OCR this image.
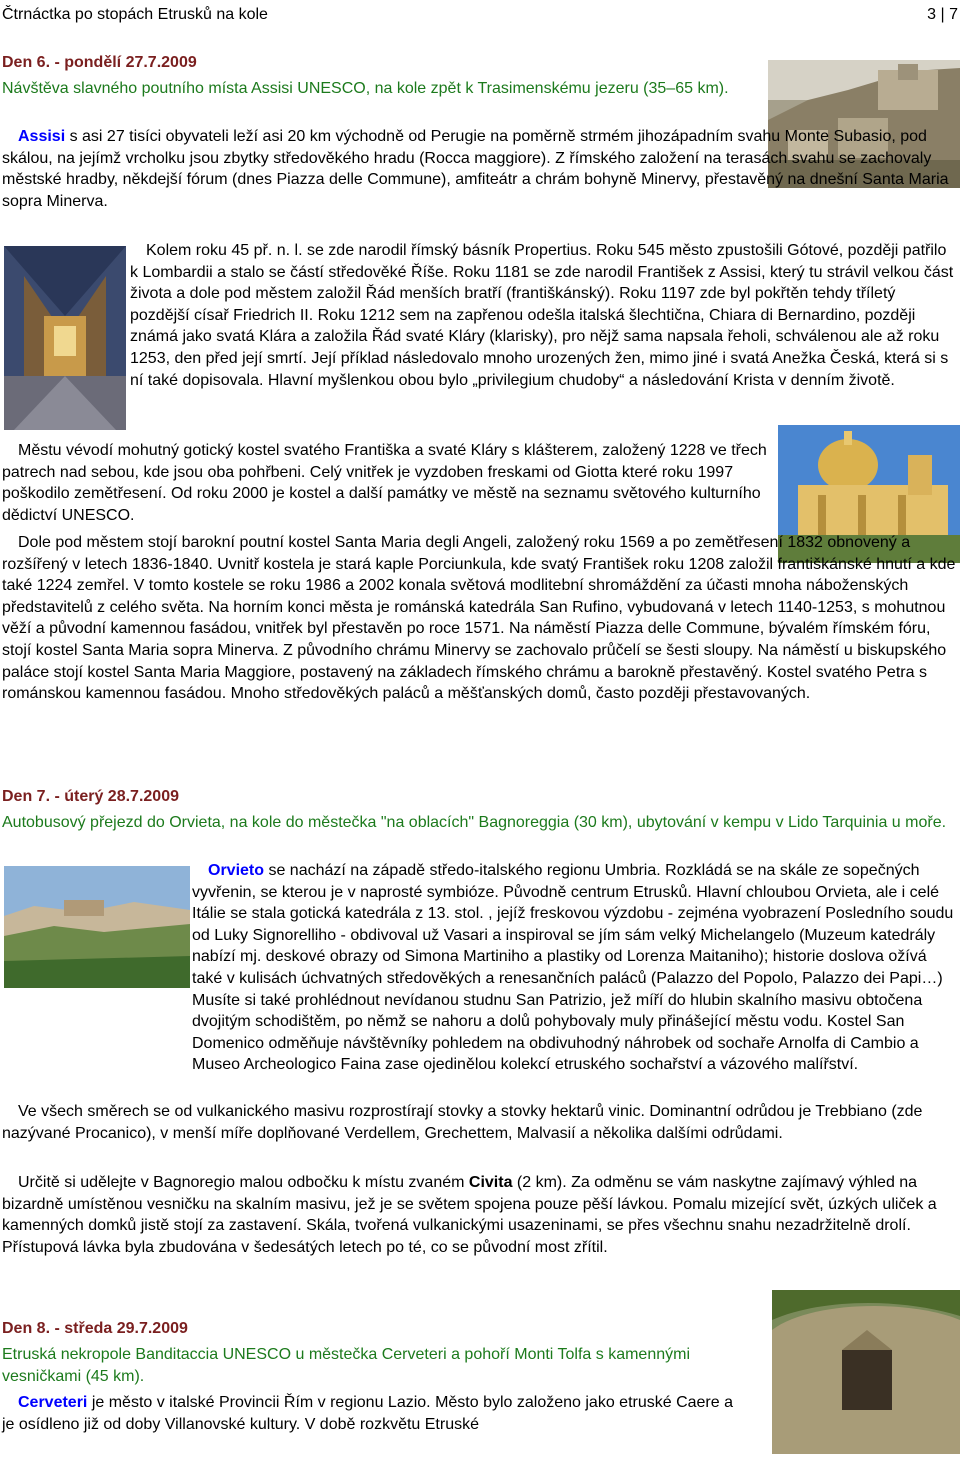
Čtrnáctka po stopách Etrusků na kole	3 | 7
Den 6. - pondělí 27.7.2009

Návštěva slavného poutního místa Assisi UNESCO, na kole zpět k Trasimenskému jezeru (35–65 km).

Assisi s asi 27 tisíci obyvateli leží asi 20 km východně od Perugie na poměrně strmém jihozápadním svahu Monte Subasio, pod skálou, na jejímž vrcholku jsou zbytky středověkého hradu (Rocca maggiore). Z římského založení na terasách svahu se zachovaly městské hradby, někdejší fórum (dnes Piazza delle Commune), amfiteátr a chrám bohyně Minervy, přestavěný na dnešní Santa Maria sopra Minerva.

Kolem roku 45 př. n. l. se zde narodil římský básník Propertius. Roku 545 město zpustošili Gótové, později patřilo k Lombardii a stalo se částí středověké Říše. Roku 1181 se zde narodil František z Assisi, který tu strávil velkou část života a dole pod městem založil Řád menších bratří (františkánský). Roku 1197 zde byl pokřtěn tehdy tříletý pozdější císař Friedrich II. Roku 1212 sem na zapřenou odešla italská šlechtična, Chiara di Bernardino, později známá jako svatá Klára a založila Řád svaté Kláry (klarisky), pro nějž sama napsala řeholi, schválenou ale až roku 1253, den před její smrtí. Její příklad následovalo mnoho urozených žen, mimo jiné i svatá Anežka Česká, která si s ní také dopisovala. Hlavní myšlenkou obou bylo „privilegium chudoby“ a následování Krista v denním životě.

Městu vévodí mohutný gotický kostel svatého Františka a svaté Kláry s klášterem, založený 1228 ve třech patrech nad sebou, kde jsou oba pohřbeni. Celý vnitřek je vyzdoben freskami od Giotta které roku 1997 poškodilo zemětřesení. Od roku 2000 je kostel a další památky ve městě na seznamu světového kulturního dědictví UNESCO.

Dole pod městem stojí barokní poutní kostel Santa Maria degli Angeli, založený roku 1569 a po zemětřesení 1832 obnovený a rozšířený v letech 1836-1840. Uvnitř kostela je stará kaple Porciunkula, kde svatý František roku 1208 založil františkánské hnutí a kde také 1224 zemřel. V tomto kostele se roku 1986 a 2002 konala světová modlitební shromáždění za účasti mnoha náboženských představitelů z celého světa. Na horním konci města je románská katedrála San Rufino, vybudovaná v letech 1140-1253, s mohutnou věží a původní kamennou fasádou, vnitřek byl přestavěn po roce 1571. Na náměstí Piazza delle Commune, bývalém římském fóru, stojí kostel Santa Maria sopra Minerva. Z původního chrámu Minervy se zachovalo průčelí se šesti sloupy. Na náměstí u biskupského paláce stojí kostel Santa Maria Maggiore, postavený na základech římského chrámu a barokně přestavěný. Kostel svatého Petra s románskou kamennou fasádou. Mnoho středověkých paláců a měšťanských domů, často později přestavovaných.

Den 7. - úterý 28.7.2009

Autobusový přejezd do Orvieta, na kole do městečka "na oblacích" Bagnoreggia (30 km), ubytování v kempu v Lido Tarquinia u moře.

Orvieto se nachází na západě středo-italského regionu Umbria. Rozkládá se na skále ze sopečných vyvřenin, se kterou je v naprosté symbióze. Původně centrum Etrusků. Hlavní chloubou Orvieta, ale i celé Itálie se stala gotická katedrála z 13. stol. , jejíž freskovou výzdobu - zejména vyobrazení Posledního soudu od Luky Signorelliho - obdivoval už Vasari a inspiroval se jím sám velký Michelangelo (Muzeum katedrály nabízí mj. deskové obrazy od Simona Martiniho a plastiky od Lorenza Maitaniho); historie doslova ožívá také v kulisách úchvatných středověkých a renesančních paláců (Palazzo del Popolo, Palazzo dei Papi…) Musíte si také prohlédnout nevídanou studnu San Patrizio, jež míří do hlubin skalního masivu obtočena dvojitým schodištěm, po němž se nahoru a dolů pohybovaly muly přinášející městu vodu. Kostel San Domenico odměňuje návštěvníky pohledem na obdivuhodný náhrobek od sochaře Arnolfa di Cambio a Museo Archeologico Faina zase ojedinělou kolekcí etruského sochařství a vázového malířství.

Ve všech směrech se od vulkanického masivu rozprostírají stovky a stovky hektarů vinic. Dominantní odrůdou je Trebbiano (zde nazývané Procanico), v menší míře doplňované Verdellem, Grechettem, Malvasií a několika dalšími odrůdami.

Určitě si udělejte v Bagnoregio malou odbočku k místu zvaném Civita (2 km). Za odměnu se vám naskytne zajímavý výhled na bizardně umístěnou vesničku na skalním masivu, jež je se světem spojena pouze pěší lávkou. Pomalu mizející svět, úzkých uliček a kamenných domků jistě stojí za zastavení. Skála, tvořená vulkanickými usazeninami, se přes všechnu snahu nezadržitelně drolí. Přístupová lávka byla zbudována v šedesátých letech po té, co se původní most zřítil.

Den 8. - středa 29.7.2009

Etruská nekropole Banditaccia UNESCO u městečka Cerveteri a pohoří Monti Tolfa s kamennými vesničkami (45 km).

Cerveteri je město v italské Provincii Řím v regionu Lazio. Město bylo založeno jako etruské Caere a je osídleno již od doby Villanovské kultury. V době rozkvětu Etruské
